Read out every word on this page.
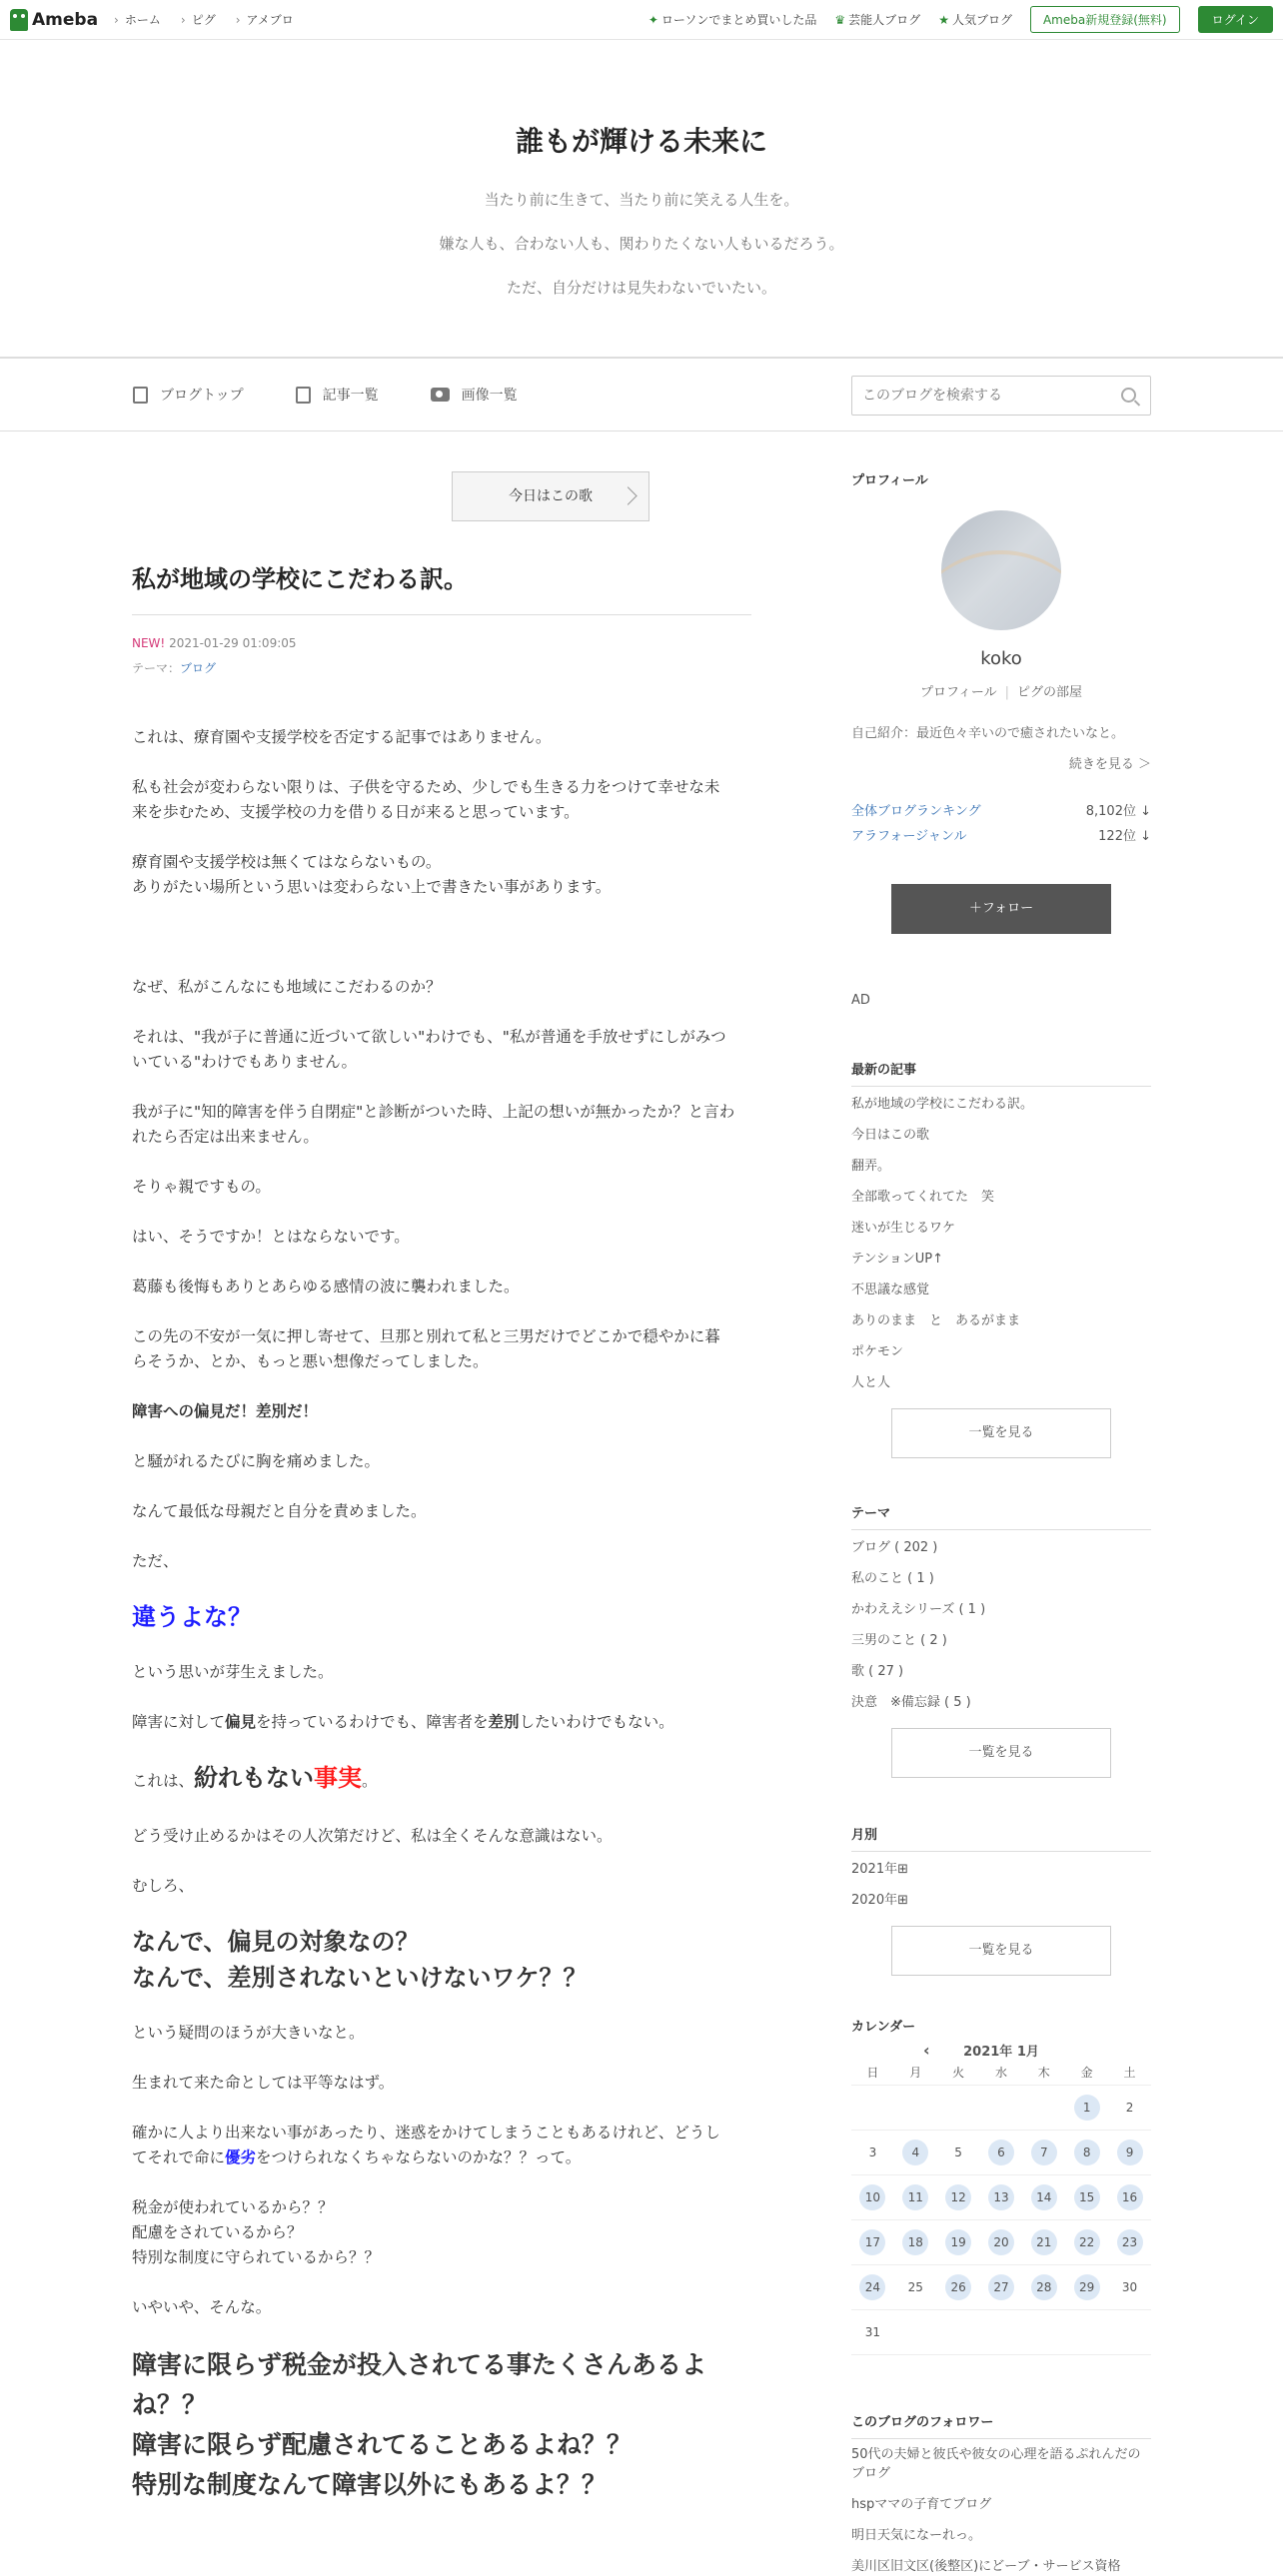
Ameba	› ホーム	› ピグ	› アメブロ	✦ ローソンでまとめ買いした品 ♛ 芸能人ブログ ★ 人気ブログ	Ameba新規登録(無料)	ログイン
誰もが輝ける未来に
当たり前に生きて、当たり前に笑える人生を。
嫌な人も、合わない人も、関わりたくない人もいるだろう。
ただ、自分だけは見失わないでいたい。
ブログトップ	記事一覧	画像一覧
このブログを検索する
今日はこの歌
私が地域の学校にこだわる訳。
NEW! 2021-01-29 01:09:05
テーマ：ブログ

これは、療育園や支援学校を否定する記事ではありません。

私も社会が変わらない限りは、子供を守るため、少しでも生きる力をつけて幸せな未

来を歩むため、支援学校の力を借りる日が来ると思っています。

療育園や支援学校は無くてはならないもの。

ありがたい場所という思いは変わらない上で書きたい事があります。

なぜ、私がこんなにも地域にこだわるのか？

それは、"我が子に普通に近づいて欲しい"わけでも、"私が普通を手放せずにしがみつ

いている"わけでもありません。

我が子に"知的障害を伴う自閉症"と診断がついた時、上記の想いが無かったか？と言わ

れたら否定は出来ません。

そりゃ親ですもの。

はい、そうですか！とはならないです。

葛藤も後悔もありとあらゆる感情の波に襲われました。

この先の不安が一気に押し寄せて、旦那と別れて私と三男だけでどこかで穏やかに暮

らそうか、とか、もっと悪い想像だってしました。

障害への偏見だ！差別だ！

と騒がれるたびに胸を痛めました。

なんて最低な母親だと自分を責めました。

ただ、

違うよな？

という思いが芽生えました。

障害に対して偏見を持っているわけでも、障害者を差別したいわけでもない。

これは、紛れもない事実。

どう受け止めるかはその人次第だけど、私は全くそんな意識はない。

むしろ、

なんで、偏見の対象なの？

なんで、差別されないといけないワケ？？

という疑問のほうが大きいなと。

生まれて来た命としては平等なはず。

確かに人より出来ない事があったり、迷惑をかけてしまうこともあるけれど、どうし

てそれで命に優劣をつけられなくちゃならないのかな？？って。

税金が使われているから？？

配慮をされているから？

特別な制度に守られているから？？

いやいや、そんな。

障害に限らず税金が投入されてる事たくさんあるよ

ね？？

障害に限らず配慮されてることあるよね？？

特別な制度なんて障害以外にもあるよ？？

プロフィール
koko
プロフィール | ピグの部屋
自己紹介：最近色々辛いので癒されたいなと。
続きを見る ＞
全体ブログランキング	8,102位 ↓
アラフォージャンル	122位 ↓
＋フォロー
AD
最新の記事
私が地域の学校にこだわる訳。
今日はこの歌
翻弄。
全部歌ってくれてた　笑
迷いが生じるワケ
テンションUP↑
不思議な感覚
ありのまま　と　あるがまま
ポケモン
人と人
一覧を見る
テーマ
ブログ ( 202 )
私のこと ( 1 )
かわええシリーズ ( 1 )
三男のこと ( 2 )
歌 ( 27 )
決意　※備忘録 ( 5 )
一覧を見る
月別
2021年⊞
2020年⊞
一覧を見る
カレンダー
‹	2021年 1月
日	月	火	水	木	金	土
					1	2
3	4	5	6	7	8	9
10	11	12	13	14	15	16
17	18	19	20	21	22	23
24	25	26	27	28	29	30
31						
このブログのフォロワー
50代の夫婦と彼氏や彼女の心理を語るぷれんだのブログ
hspママの子育てブログ
明日天気になーれっ。
美川区旧文区(後整区)にどーブ・サービス資格
